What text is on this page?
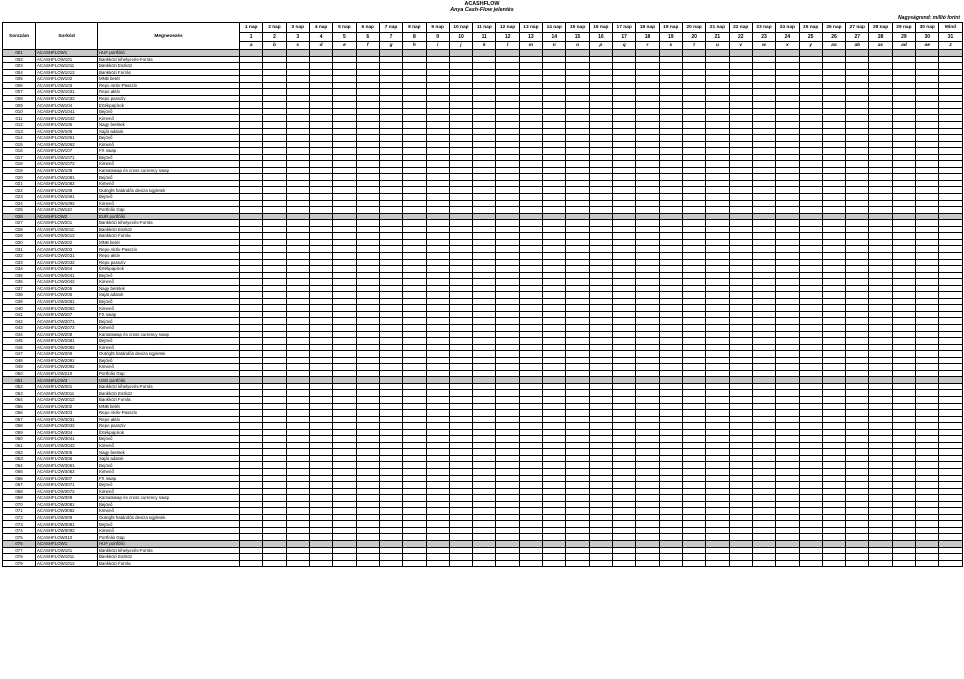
ACASHFLOW
Anya Cash-Flow jelentés
Nagyságrend: millió forint
Sorszám	Sorkód	Megnevezés	1 nap	2 nap	3 nap	4 nap	5 nap	6 nap	7 nap	8 nap	9 nap	10 nap	11 nap	12 nap	13 nap	14 nap	15 nap	16 nap	17 nap	18 nap	19 nap	20 nap	21 nap	22 nap	23 nap	24 nap	25 nap	26 nap	27 nap	28 nap	29 nap	30 nap	Mind
			1	2	3	4	5	6	7	8	9	10	11	12	13	14	15	16	17	18	19	20	21	22	23	24	25	26	27	28	29	30	31
			a	b	c	d	e	f	g	h	i	j	k	l	m	n	o	p	q	r	s	t	u	v	w	x	y	aa	ab	ac	ad	ae	z
001	ACASHFLOW1	HUF portfólió																															
002	ACASHFLOW101	Bankközi kihelyezés-Forrás																															
003	ACASHFLOW1011	Bankközi Eszköz																															
004	ACASHFLOW1012	Bankközi Forrás																															
005	ACASHFLOW102	MNB betét																															
006	ACASHFLOW103	Repo Aktív-Passzív																															
007	ACASHFLOW1031	Repo aktív																															
008	ACASHFLOW1032	Repo passzív																															
009	ACASHFLOW104	Értékpapírok																															
010	ACASHFLOW1041	Bejövő																															
011	ACASHFLOW1042	Kimenő																															
012	ACASHFLOW105	Nagy betétek																															
013	ACASHFLOW106	Saját adatok																															
014	ACASHFLOW1061	Bejövő																															
015	ACASHFLOW1062	Kimenő																															
016	ACASHFLOW107	FX swap																															
017	ACASHFLOW1071	Bejövő																															
018	ACASHFLOW1072	Kimenő																															
019	ACASHFLOW108	Kamatswap és cross currency swap																															
020	ACASHFLOW1081	Bejövő																															
021	ACASHFLOW1082	Kimenő																															
022	ACASHFLOW109	Outright határidős deviza ügyletek																															
023	ACASHFLOW1091	Bejövő																															
024	ACASHFLOW1092	Kimenő																															
025	ACASHFLOW110	Portfolio Gap																															
026	ACASHFLOW2	EUR portfólió																															
027	ACASHFLOW201	Bankközi kihelyezés-Forrás																															
028	ACASHFLOW2011	Bankközi Eszköz																															
029	ACASHFLOW2012	Bankközi Forrás																															
030	ACASHFLOW202	MNB betét																															
031	ACASHFLOW203	Repo Aktív-Passzív																															
032	ACASHFLOW2031	Repo aktív																															
033	ACASHFLOW2032	Repo passzív																															
034	ACASHFLOW204	Értékpapírok																															
035	ACASHFLOW2041	Bejövő																															
036	ACASHFLOW2042	Kimenő																															
037	ACASHFLOW205	Nagy betétek																															
038	ACASHFLOW206	Saját adatok																															
039	ACASHFLOW2061	Bejövő																															
040	ACASHFLOW2062	Kimenő																															
041	ACASHFLOW207	FX swap																															
042	ACASHFLOW2071	Bejövő																															
043	ACASHFLOW2072	Kimenő																															
044	ACASHFLOW208	Kamatswap és cross currency swap																															
045	ACASHFLOW2081	Bejövő																															
046	ACASHFLOW2082	Kimenő																															
047	ACASHFLOW209	Outright határidős deviza ügyletek																															
048	ACASHFLOW2091	Bejövő																															
049	ACASHFLOW2092	Kimenő																															
050	ACASHFLOW210	Portfolio Gap																															
051	ACASHFLOW3	USD portfólió																															
052	ACASHFLOW301	Bankközi kihelyezés-Forrás																															
053	ACASHFLOW3011	Bankközi Eszköz																															
054	ACASHFLOW3012	Bankközi Forrás																															
055	ACASHFLOW302	MNB betét																															
056	ACASHFLOW303	Repo Aktív-Passzív																															
057	ACASHFLOW3031	Repo aktív																															
058	ACASHFLOW3032	Repo passzív																															
059	ACASHFLOW304	Értékpapírok																															
060	ACASHFLOW3041	Bejövő																															
061	ACASHFLOW3042	Kimenő																															
062	ACASHFLOW305	Nagy betétek																															
063	ACASHFLOW306	Saját adatok																															
064	ACASHFLOW3061	Bejövő																															
065	ACASHFLOW3062	Kimenő																															
066	ACASHFLOW307	FX swap																															
067	ACASHFLOW3071	Bejövő																															
068	ACASHFLOW3072	Kimenő																															
069	ACASHFLOW308	Kamatswap és cross currency swap																															
070	ACASHFLOW3081	Bejövő																															
071	ACASHFLOW3082	Kimenő																															
072	ACASHFLOW309	Outright határidős deviza ügyletek																															
073	ACASHFLOW3091	Bejövő																															
074	ACASHFLOW3092	Kimenő																															
075	ACASHFLOW310	Portfolio Gap																															
076	ACASHFLOW1	HUF portfólió																															
077	ACASHFLOW101	Bankközi kihelyezés-Forrás																															
078	ACASHFLOW1011	Bankközi Eszköz																															
079	ACASHFLOW1012	Bankközi Forrás																															
